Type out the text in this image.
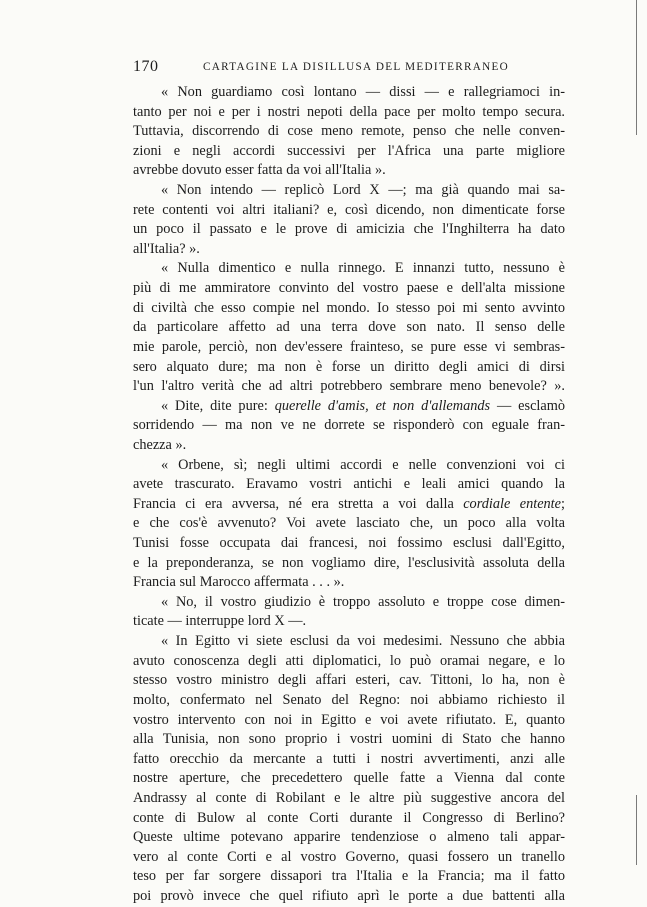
170	CARTAGINE LA DISILLUSA DEL MEDITERRANEO
« Non guardiamo così lontano — dissi — e rallegriamoci in-
tanto per noi e per i nostri nepoti della pace per molto tempo secura.
Tuttavia, discorrendo di cose meno remote, penso che nelle conven-
zioni e negli accordi successivi per l'Africa una parte migliore
avrebbe dovuto esser fatta da voi all'Italia ».
« Non intendo — replicò Lord X —; ma già quando mai sa-
rete contenti voi altri italiani? e, così dicendo, non dimenticate forse
un poco il passato e le prove di amicizia che l'Inghilterra ha dato
all'Italia? ».
« Nulla dimentico e nulla rinnego. E innanzi tutto, nessuno è
più di me ammiratore convinto del vostro paese e dell'alta missione
di civiltà che esso compie nel mondo. Io stesso poi mi sento avvinto
da particolare affetto ad una terra dove son nato. Il senso delle
mie parole, perciò, non dev'essere frainteso, se pure esse vi sembras-
sero alquato dure; ma non è forse un diritto degli amici di dirsi
l'un l'altro verità che ad altri potrebbero sembrare meno benevole? ».
« Dite, dite pure: querelle d'amis, et non d'allemands — esclamò
sorridendo — ma non ve ne dorrete se risponderò con eguale fran-
chezza ».
« Orbene, sì; negli ultimi accordi e nelle convenzioni voi ci
avete trascurato. Eravamo vostri antichi e leali amici quando la
Francia ci era avversa, né era stretta a voi dalla cordiale entente;
e che cos'è avvenuto? Voi avete lasciato che, un poco alla volta
Tunisi fosse occupata dai francesi, noi fossimo esclusi dall'Egitto,
e la preponderanza, se non vogliamo dire, l'esclusività assoluta della
Francia sul Marocco affermata . . . ».
« No, il vostro giudizio è troppo assoluto e troppe cose dimen-
ticate — interruppe lord X —.
« In Egitto vi siete esclusi da voi medesimi. Nessuno che abbia
avuto conoscenza degli atti diplomatici, lo può oramai negare, e lo
stesso vostro ministro degli affari esteri, cav. Tittoni, lo ha, non è
molto, confermato nel Senato del Regno: noi abbiamo richiesto il
vostro intervento con noi in Egitto e voi avete rifiutato. E, quanto
alla Tunisia, non sono proprio i vostri uomini di Stato che hanno
fatto orecchio da mercante a tutti i nostri avvertimenti, anzi alle
nostre aperture, che precedettero quelle fatte a Vienna dal conte
Andrassy al conte di Robilant e le altre più suggestive ancora del
conte di Bulow al conte Corti durante il Congresso di Berlino?
Queste ultime potevano apparire tendenziose o almeno tali appar-
vero al conte Corti e al vostro Governo, quasi fossero un tranello
teso per far sorgere dissapori tra l'Italia e la Francia; ma il fatto
poi provò invece che quel rifiuto aprì le porte a due battenti alla
